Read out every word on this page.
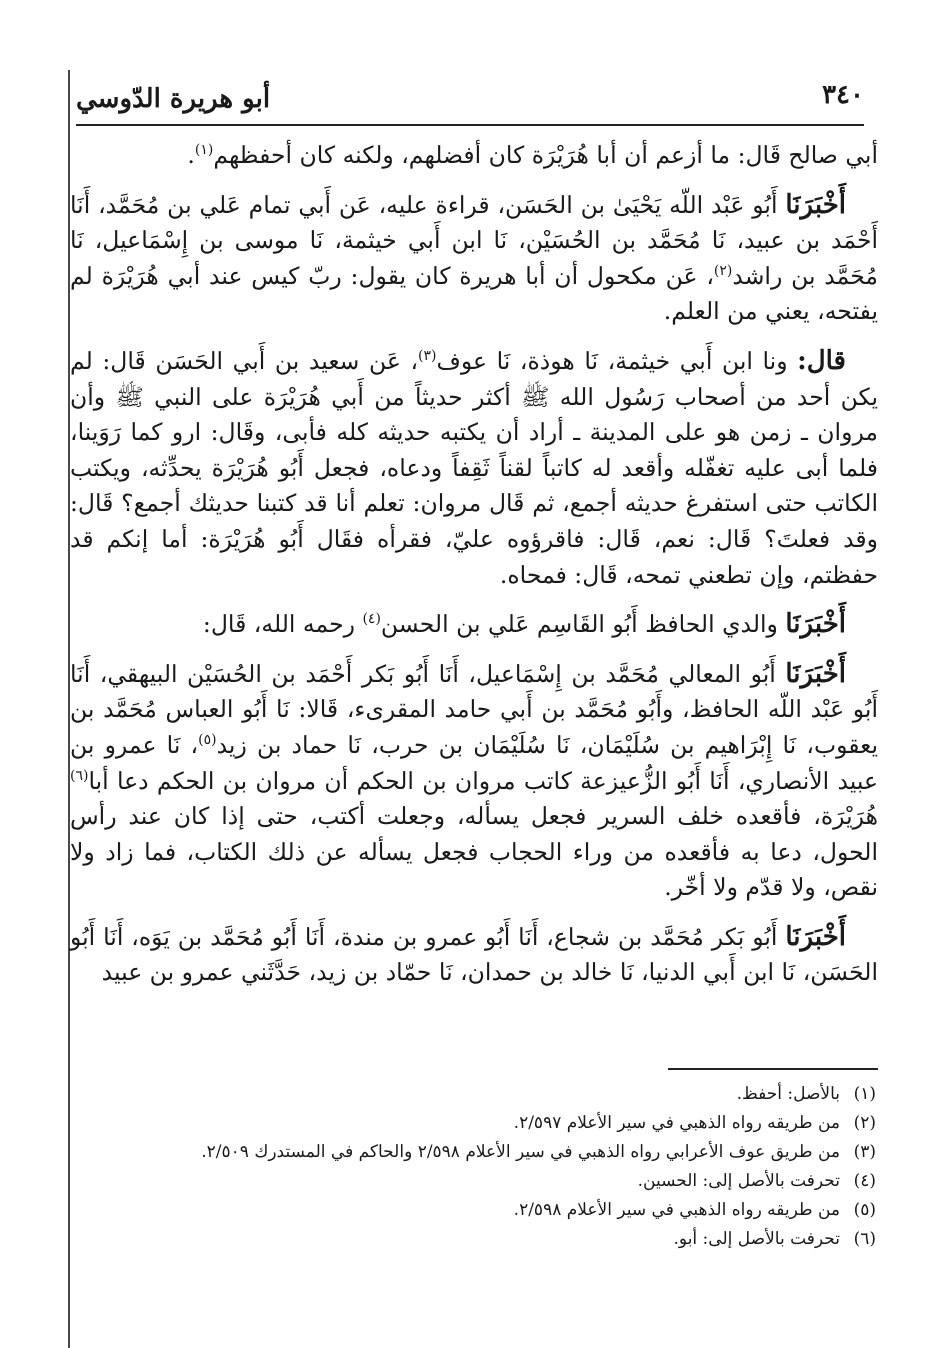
٣٤٠
أبو هريرة الدّوسي

أبي صالح قَال: ما أزعم أن أبا هُرَيْرَة كان أفضلهم، ولكنه كان أحفظهم$^{(١)}$.

أَخْبَرَنَا أَبُو عَبْد اللّه يَحْيَىٰ بن الحَسَن، قراءة عليه، عَن أَبي تمام عَلي بن مُحَمَّد، أَنَا أَحْمَد بن عبيد، نَا مُحَمَّد بن الحُسَيْن، نَا ابن أَبي خيثمة، نَا موسى بن إِسْمَاعيل، نَا مُحَمَّد بن راشد$^{(٢)}$، عَن مكحول أن أبا هريرة كان يقول: ربّ كيس عند أبي هُرَيْرَة لم يفتحه، يعني من العلم.

قال: ونا ابن أَبي خيثمة، نَا هوذة، نَا عوف$^{(٣)}$، عَن سعيد بن أَبي الحَسَن قَال: لم يكن أحد من أصحاب رَسُول الله ﷺ أكثر حديثاً من أَبي هُرَيْرَة على النبي ﷺ وأن مروان ـ زمن هو على المدينة ـ أراد أن يكتبه حديثه كله فأبى، وقَال: ارو كما رَوَينا، فلما أبى عليه تغفّله وأقعد له كاتباً لقناً ثَقِفاً ودعاه، فجعل أَبُو هُرَيْرَة يحدِّثه، ويكتب الكاتب حتى استفرغ حديثه أجمع، ثم قَال مروان: تعلم أنا قد كتبنا حديثك أجمع؟ قَال: وقد فعلتَ؟ قَال: نعم، قَال: فاقرؤوه عليّ، فقرأه فقَال أَبُو هُرَيْرَة: أما إنكم قد حفظتم، وإن تطعني تمحه، قَال: فمحاه.

أَخْبَرَنَا والدي الحافظ أَبُو القَاسِم عَلي بن الحسن$^{(٤)}$ رحمه الله، قَال:

أَخْبَرَنَا أَبُو المعالي مُحَمَّد بن إِسْمَاعيل، أَنَا أَبُو بَكر أَحْمَد بن الحُسَيْن البيهقي، أَنَا أَبُو عَبْد اللّه الحافظ، وأَبُو مُحَمَّد بن أَبي حامد المقرىء، قَالا: نَا أَبُو العباس مُحَمَّد بن يعقوب، نَا إِبْرَاهيم بن سُلَيْمَان، نَا سُلَيْمَان بن حرب، نَا حماد بن زيد$^{(٥)}$، نَا عمرو بن عبيد الأنصاري، أَنَا أَبُو الزُّعيزعة كاتب مروان بن الحكم أن مروان بن الحكم دعا أبا$^{(٦)}$ هُرَيْرَة، فأقعده خلف السرير فجعل يسأله، وجعلت أكتب، حتى إذا كان عند رأس الحول، دعا به فأقعده من وراء الحجاب فجعل يسأله عن ذلك الكتاب، فما زاد ولا نقص، ولا قدّم ولا أخّر.

أَخْبَرَنَا أَبُو بَكر مُحَمَّد بن شجاع، أَنَا أَبُو عمرو بن مندة، أَنَا أَبُو مُحَمَّد بن يَوَه، أَنَا أَبُو الحَسَن، نَا ابن أَبي الدنيا، نَا خالد بن حمدان، نَا حمّاد بن زيد، حَدَّثَني عمرو بن عبيد

(١)بالأصل: أحفظ.

(٢)من طريقه رواه الذهبي في سير الأعلام ٢/٥٩٧.

(٣)من طريق عوف الأعرابي رواه الذهبي في سير الأعلام ٢/٥٩٨ والحاكم في المستدرك ٢/٥٠٩.

(٤)تحرفت بالأصل إلى: الحسين.

(٥)من طريقه رواه الذهبي في سير الأعلام ٢/٥٩٨.

(٦)تحرفت بالأصل إلى: أبو.
